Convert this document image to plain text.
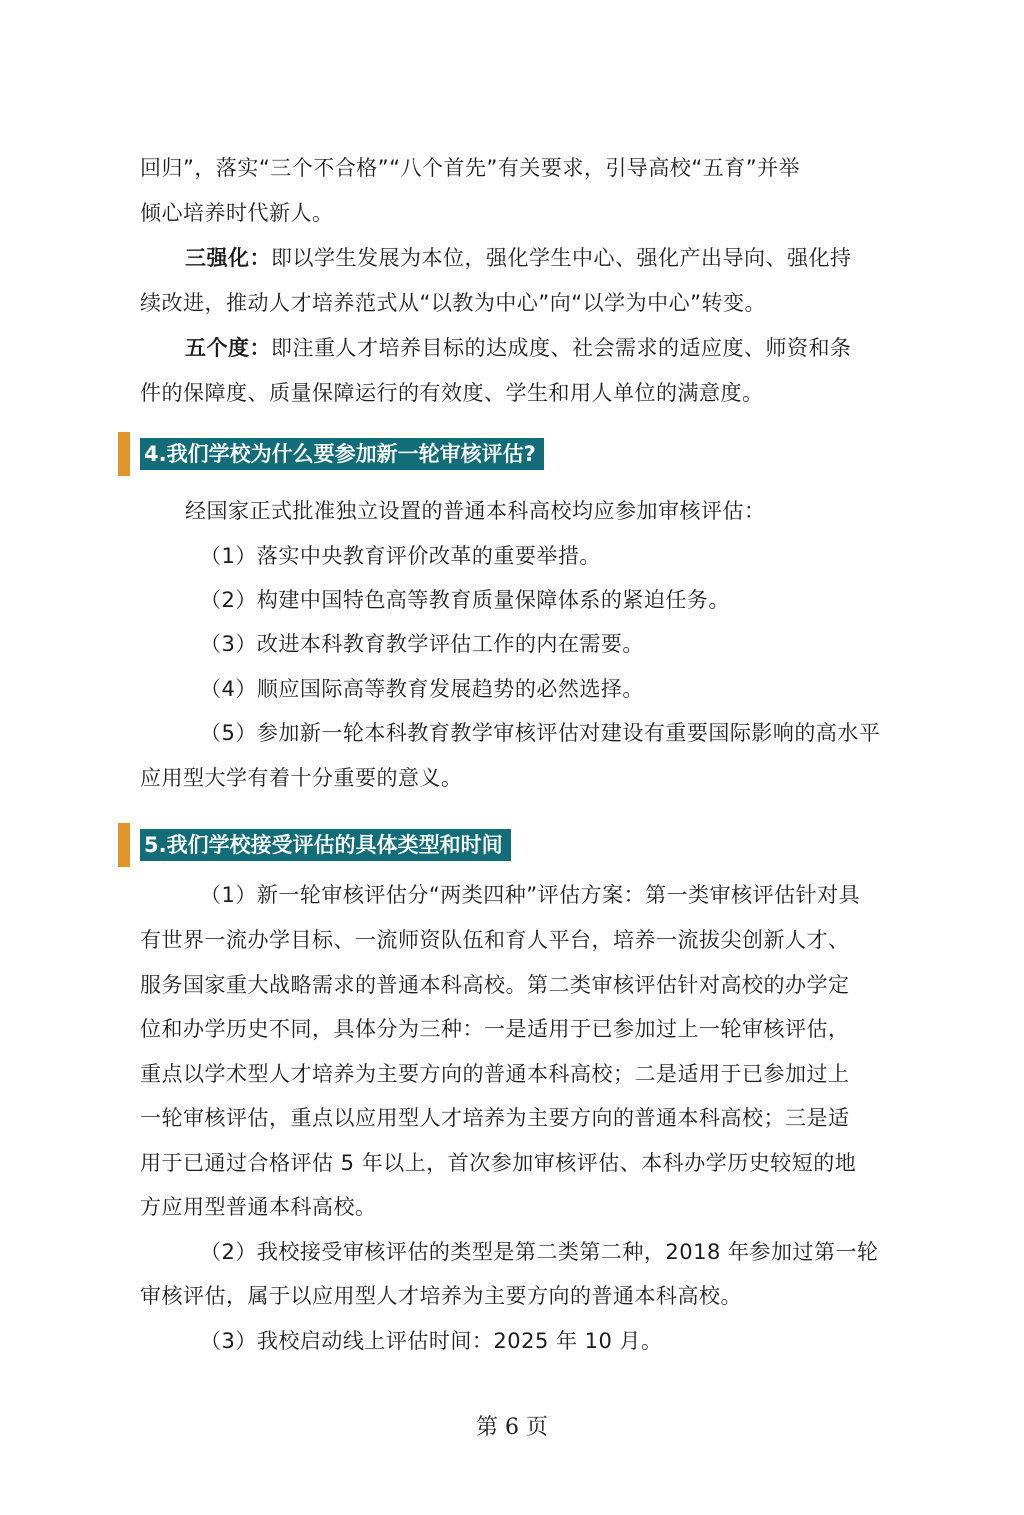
回归”，落实“三个不合格”“八个首先”有关要求，引导高校“五育”并举
倾心培养时代新人。
三强化：即以学生发展为本位，强化学生中心、强化产出导向、强化持
续改进，推动人才培养范式从“以教为中心”向“以学为中心”转变。
五个度：即注重人才培养目标的达成度、社会需求的适应度、师资和条
件的保障度、质量保障运行的有效度、学生和用人单位的满意度。
4.我们学校为什么要参加新一轮审核评估?
经国家正式批准独立设置的普通本科高校均应参加审核评估：
（1）落实中央教育评价改革的重要举措。
（2）构建中国特色高等教育质量保障体系的紧迫任务。
（3）改进本科教育教学评估工作的内在需要。
（4）顺应国际高等教育发展趋势的必然选择。
（5）参加新一轮本科教育教学审核评估对建设有重要国际影响的高水平
应用型大学有着十分重要的意义。
5.我们学校接受评估的具体类型和时间
（1）新一轮审核评估分“两类四种”评估方案：第一类审核评估针对具
有世界一流办学目标、一流师资队伍和育人平台，培养一流拔尖创新人才、
服务国家重大战略需求的普通本科高校。第二类审核评估针对高校的办学定
位和办学历史不同，具体分为三种：一是适用于已参加过上一轮审核评估，
重点以学术型人才培养为主要方向的普通本科高校；二是适用于已参加过上
一轮审核评估，重点以应用型人才培养为主要方向的普通本科高校；三是适
用于已通过合格评估 5 年以上，首次参加审核评估、本科办学历史较短的地
方应用型普通本科高校。
（2）我校接受审核评估的类型是第二类第二种，2018 年参加过第一轮
审核评估，属于以应用型人才培养为主要方向的普通本科高校。
（3）我校启动线上评估时间：2025 年 10 月。
第 6 页
